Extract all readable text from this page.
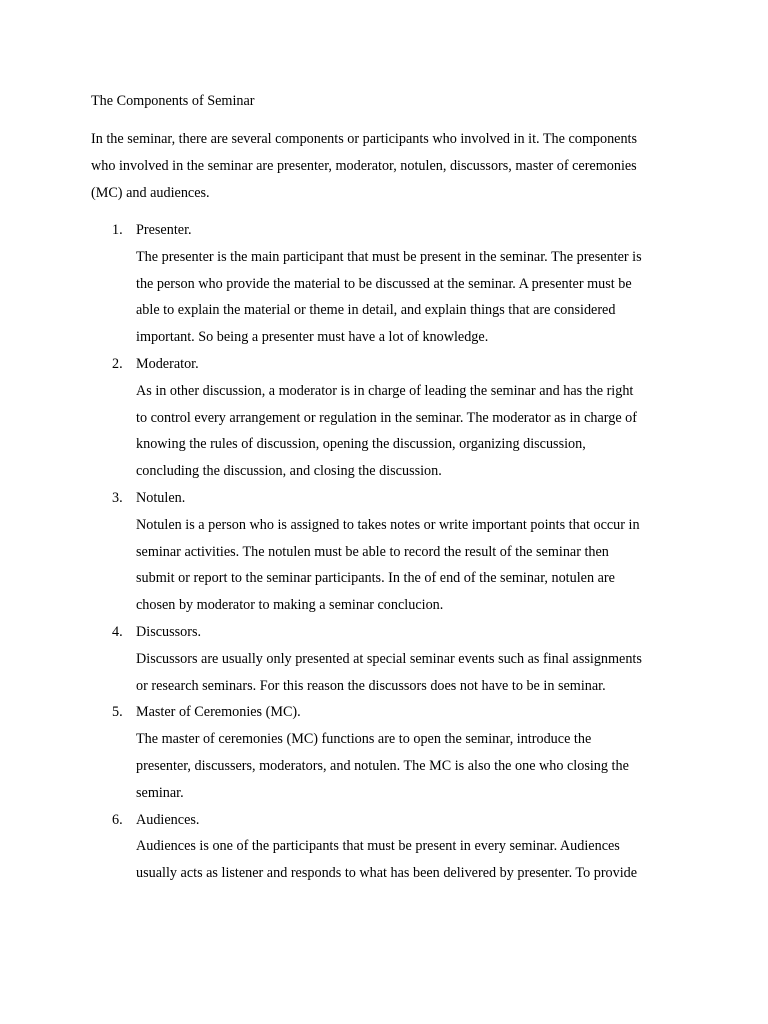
The Components of Seminar

In the seminar, there are several components or participants who involved in it. The components
who involved in the seminar are presenter, moderator, notulen, discussors, master of ceremonies
(MC) and audiences.

1. Presenter.
The presenter is the main participant that must be present in the seminar. The presenter is
the person who provide the material to be discussed at the seminar. A presenter must be
able to explain the material or theme in detail, and explain things that are considered
important. So being a presenter must have a lot of knowledge.
2. Moderator.
As in other discussion, a moderator is in charge of leading the seminar and has the right
to control every arrangement or regulation in the seminar. The moderator as in charge of
knowing the rules of discussion, opening the discussion, organizing discussion,
concluding the discussion, and closing the discussion.
3. Notulen.
Notulen is a person who is assigned to takes notes or write important points that occur in
seminar activities. The notulen must be able to record the result of the seminar then
submit or report to the seminar participants. In the of end of the seminar, notulen are
chosen by moderator to making a seminar conclucion.
4. Discussors.
Discussors are usually only presented at special seminar events such as final assignments
or research seminars. For this reason the discussors does not have to be in seminar.
5. Master of Ceremonies (MC).
The master of ceremonies (MC) functions are to open the seminar, introduce the
presenter, discussers, moderators, and notulen. The MC is also the one who closing the
seminar.
6. Audiences.
Audiences is one of the participants that must be present in every seminar. Audiences
usually acts as listener and responds to what has been delivered by presenter. To provide
